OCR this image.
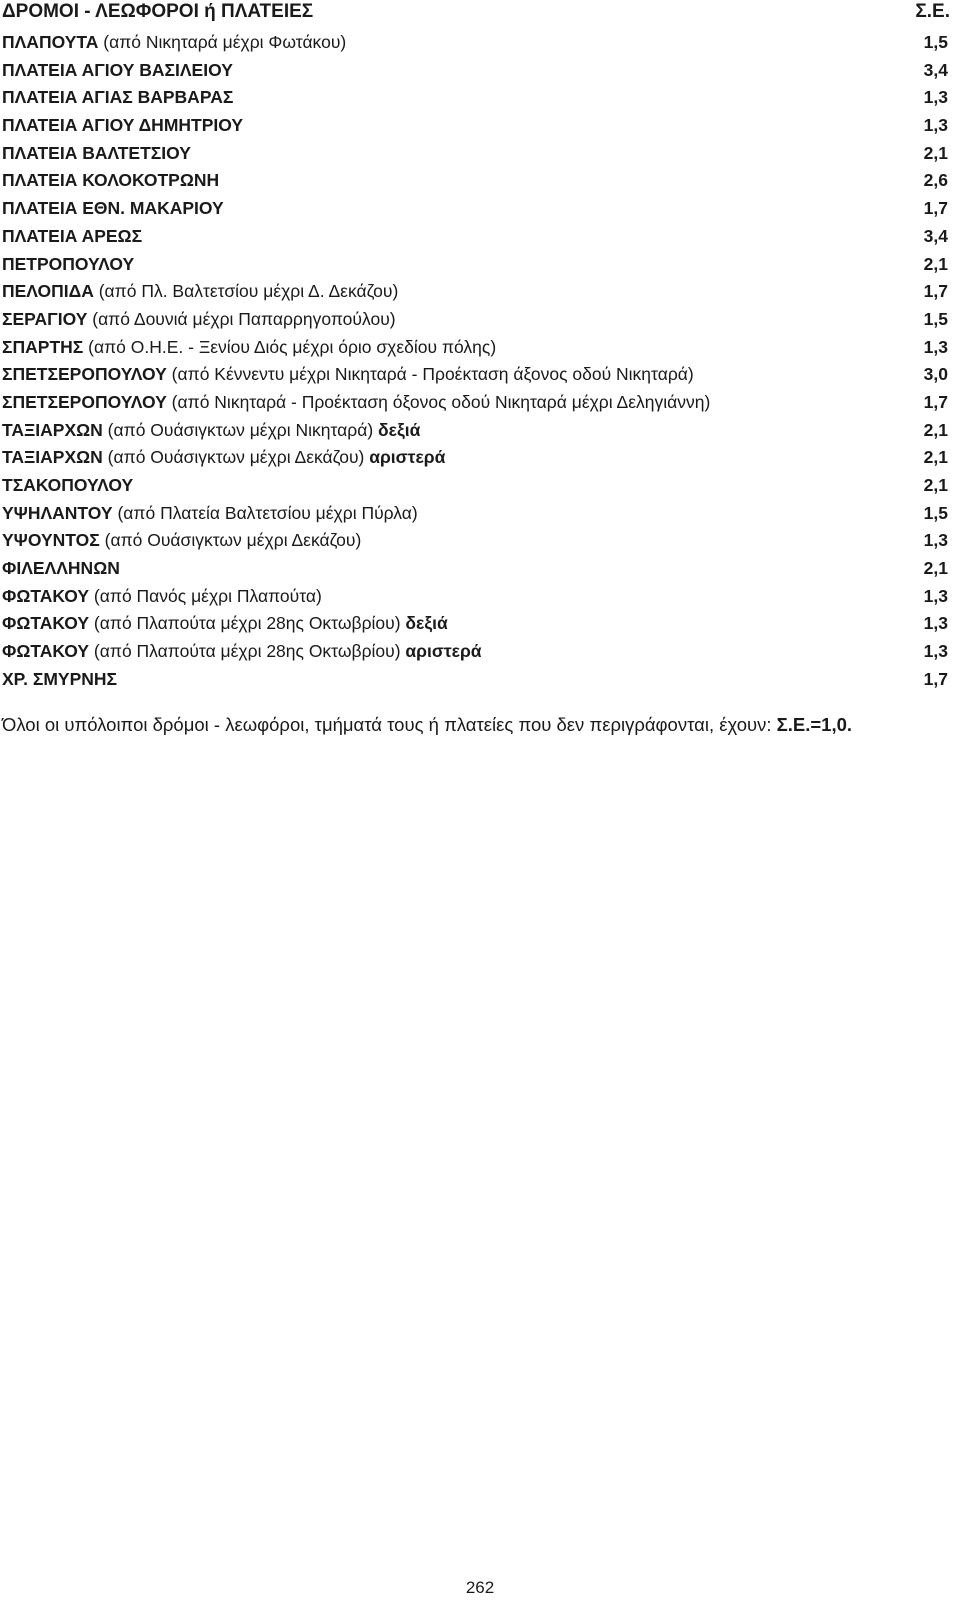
ΔΡΟΜΟΙ - ΛΕΩΦΟΡΟΙ ή ΠΛΑΤΕΙΕΣ	Σ.Ε.
ΠΛΑΠΟΥΤΑ (από Νικηταρά μέχρι Φωτάκου)	1,5
ΠΛΑΤΕΙΑ ΑΓΙΟΥ ΒΑΣΙΛΕΙΟΥ	3,4
ΠΛΑΤΕΙΑ ΑΓΙΑΣ ΒΑΡΒΑΡΑΣ	1,3
ΠΛΑΤΕΙΑ ΑΓΙΟΥ ΔΗΜΗΤΡΙΟΥ	1,3
ΠΛΑΤΕΙΑ ΒΑΛΤΕΤΣΙΟΥ	2,1
ΠΛΑΤΕΙΑ ΚΟΛΟΚΟΤΡΩΝΗ	2,6
ΠΛΑΤΕΙΑ ΕΘΝ. ΜΑΚΑΡΙΟΥ	1,7
ΠΛΑΤΕΙΑ ΑΡΕΩΣ	3,4
ΠΕΤΡΟΠΟΥΛΟΥ	2,1
ΠΕΛΟΠΙΔΑ (από Πλ. Βαλτετσίου μέχρι Δ. Δεκάζου)	1,7
ΣΕΡΑΓΙΟΥ (από Δουνιά μέχρι Παπαρρηγοπούλου)	1,5
ΣΠΑΡΤΗΣ (από Ο.Η.Ε. - Ξενίου Διός μέχρι όριο σχεδίου πόλης)	1,3
ΣΠΕΤΣΕΡΟΠΟΥΛΟΥ (από Κέννεντυ μέχρι Νικηταρά - Προέκταση άξονος οδού Νικηταρά)	3,0
ΣΠΕΤΣΕΡΟΠΟΥΛΟΥ (από Νικηταρά - Προέκταση όξονος οδού Νικηταρά μέχρι Δεληγιάννη)	1,7
ΤΑΞΙΑΡΧΩΝ (από Ουάσιγκτων μέχρι Νικηταρά) δεξιά	2,1
ΤΑΞΙΑΡΧΩΝ (από Ουάσιγκτων μέχρι Δεκάζου) αριστερά	2,1
ΤΣΑΚΟΠΟΥΛΟΥ	2,1
ΥΨΗΛΑΝΤΟΥ (από Πλατεία Βαλτετσίου μέχρι Πύρλα)	1,5
ΥΨΟΥΝΤΟΣ (από Ουάσιγκτων μέχρι Δεκάζου)	1,3
ΦΙΛΕΛΛΗΝΩΝ	2,1
ΦΩΤΑΚΟΥ (από Πανός μέχρι Πλαπούτα)	1,3
ΦΩΤΑΚΟΥ (από Πλαπούτα μέχρι 28ης Οκτωβρίου) δεξιά	1,3
ΦΩΤΑΚΟΥ (από Πλαπούτα μέχρι 28ης Οκτωβρίου) αριστερά	1,3
ΧΡ. ΣΜΥΡΝΗΣ	1,7
Όλοι οι υπόλοιποι δρόμοι - λεωφόροι, τμήματά τους ή πλατείες που δεν περιγράφονται, έχουν: Σ.Ε.=1,0.
262
